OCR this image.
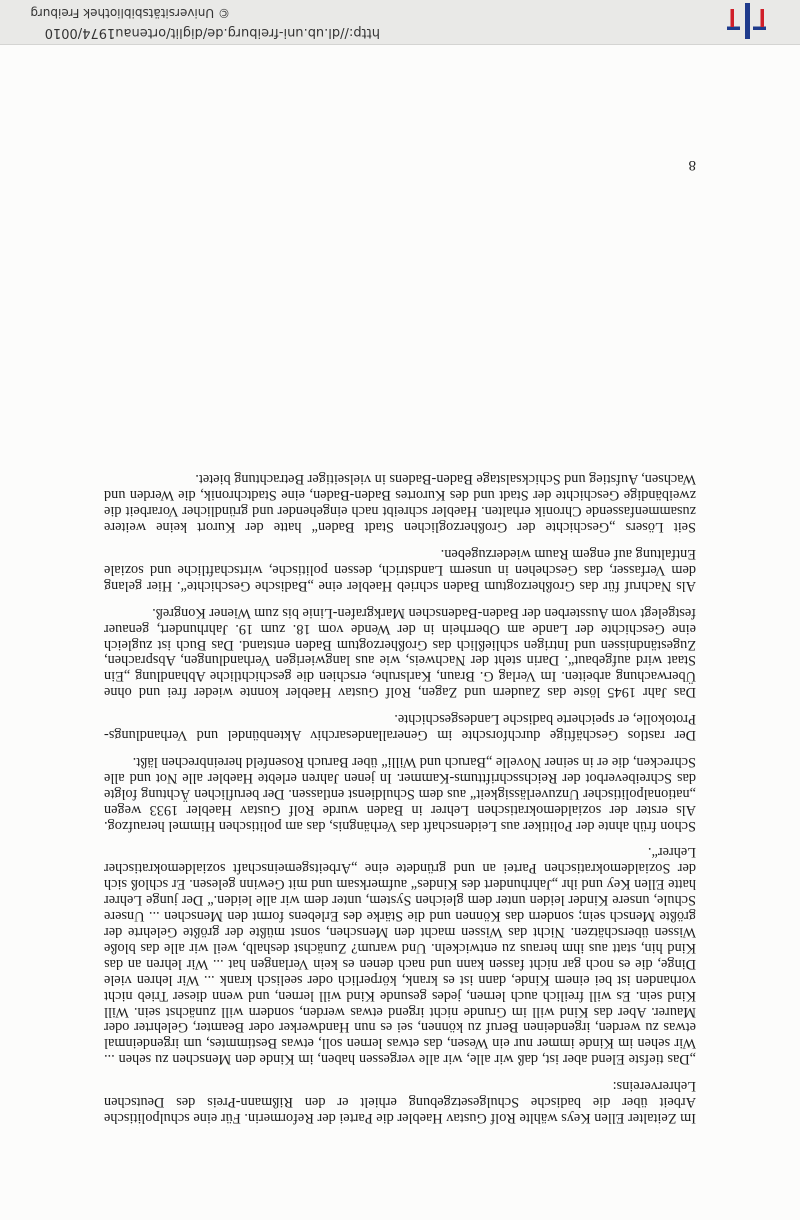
Im Zeitalter Ellen Keys wählte Rolf Gustav Haebler die Partei der Reformerin. Für eine schulpolitische Arbeit über die badische Schulgesetzgebung erhielt er den Rißmann-Preis des Deutschen Lehrervereins:

„Das tiefste Elend aber ist, daß wir alle, wir alle vergessen haben, im Kinde den Menschen zu sehen ... Wir sehen im Kinde immer nur ein Wesen, das etwas lernen soll, etwas Bestimmtes, um irgendeinmal etwas zu werden, irgendeinen Beruf zu können, sei es nun Handwerker oder Beamter, Gelehrter oder Maurer. Aber das Kind will im Grunde nicht irgend etwas werden, sondern will zunächst sein. Will Kind sein. Es will freilich auch lernen, jedes gesunde Kind will lernen, und wenn dieser Trieb nicht vorhanden ist bei einem Kinde, dann ist es krank, körperlich oder seelisch krank ... Wir lehren viele Dinge, die es noch gar nicht fassen kann und nach denen es kein Verlangen hat ... Wir lehren an das Kind hin, statt aus ihm heraus zu entwickeln. Und warum? Zunächst deshalb, weil wir alle das bloße Wissen überschätzen. Nicht das Wissen macht den Menschen, sonst müßte der größte Gelehrte der größte Mensch sein; sondern das Können und die Stärke des Erlebens formt den Menschen ... Unsere Schule, unsere Kinder leiden unter dem gleichen System, unter dem wir alle leiden.“ Der junge Lehrer hatte Ellen Key und ihr „Jahrhundert des Kindes“ aufmerksam und mit Gewinn gelesen. Er schloß sich der Sozialdemokratischen Partei an und gründete eine „Arbeitsgemeinschaft sozialdemokratischer Lehrer“.

Schon früh ahnte der Politiker aus Leidenschaft das Verhängnis, das am politischen Himmel heraufzog. Als erster der sozialdemokratischen Lehrer in Baden wurde Rolf Gustav Haebler 1933 wegen „nationalpolitischer Unzuverlässigkeit“ aus dem Schuldienst entlassen. Der beruflichen Ächtung folgte das Schreibeverbot der Reichsschrifttums-Kammer. In jenen Jahren erlebte Haebler alle Not und alle Schrecken, die er in seiner Novelle „Baruch und Willi“ über Baruch Rosenfeld hereinbrechen läßt.

Der rastlos Geschäftige durchforschte im Generallandesarchiv Aktenbündel und Verhandlungs-Protokolle, er speicherte badische Landesgeschichte.

Das Jahr 1945 löste das Zaudern und Zagen, Rolf Gustav Haebler konnte wieder frei und ohne Überwachung arbeiten. Im Verlag G. Braun, Karlsruhe, erschien die geschichtliche Abhandlung „Ein Staat wird aufgebaut“. Darin steht der Nachweis, wie aus langwierigen Verhandlungen, Absprachen, Zugeständnissen und Intrigen schließlich das Großherzogtum Baden entstand. Das Buch ist zugleich eine Geschichte der Lande am Oberrhein in der Wende vom 18. zum 19. Jahrhundert, genauer festgelegt vom Aussterben der Baden-Badenschen Markgrafen-Linie bis zum Wiener Kongreß.

Als Nachruf für das Großherzogtum Baden schrieb Haebler eine „Badische Geschichte“. Hier gelang dem Verfasser, das Geschehen in unserm Landstrich, dessen politische, wirtschaftliche und soziale Entfaltung auf engem Raum wiederzugeben.

Seit Lösers „Geschichte der Großherzoglichen Stadt Baden“ hatte der Kurort keine weitere zusammenfassende Chronik erhalten. Haebler schreibt nach eingehender und gründlicher Vorarbeit die zweibändige Geschichte der Stadt und des Kurortes Baden-Baden, eine Stadtchronik, die Werden und Wachsen, Aufstieg und Schicksalstage Baden-Badens in vielseitiger Betrachtung bietet.

8
http://dl.ub.uni-freiburg.de/diglit/ortenau1974/0010
© Universitätsbibliothek Freiburg
